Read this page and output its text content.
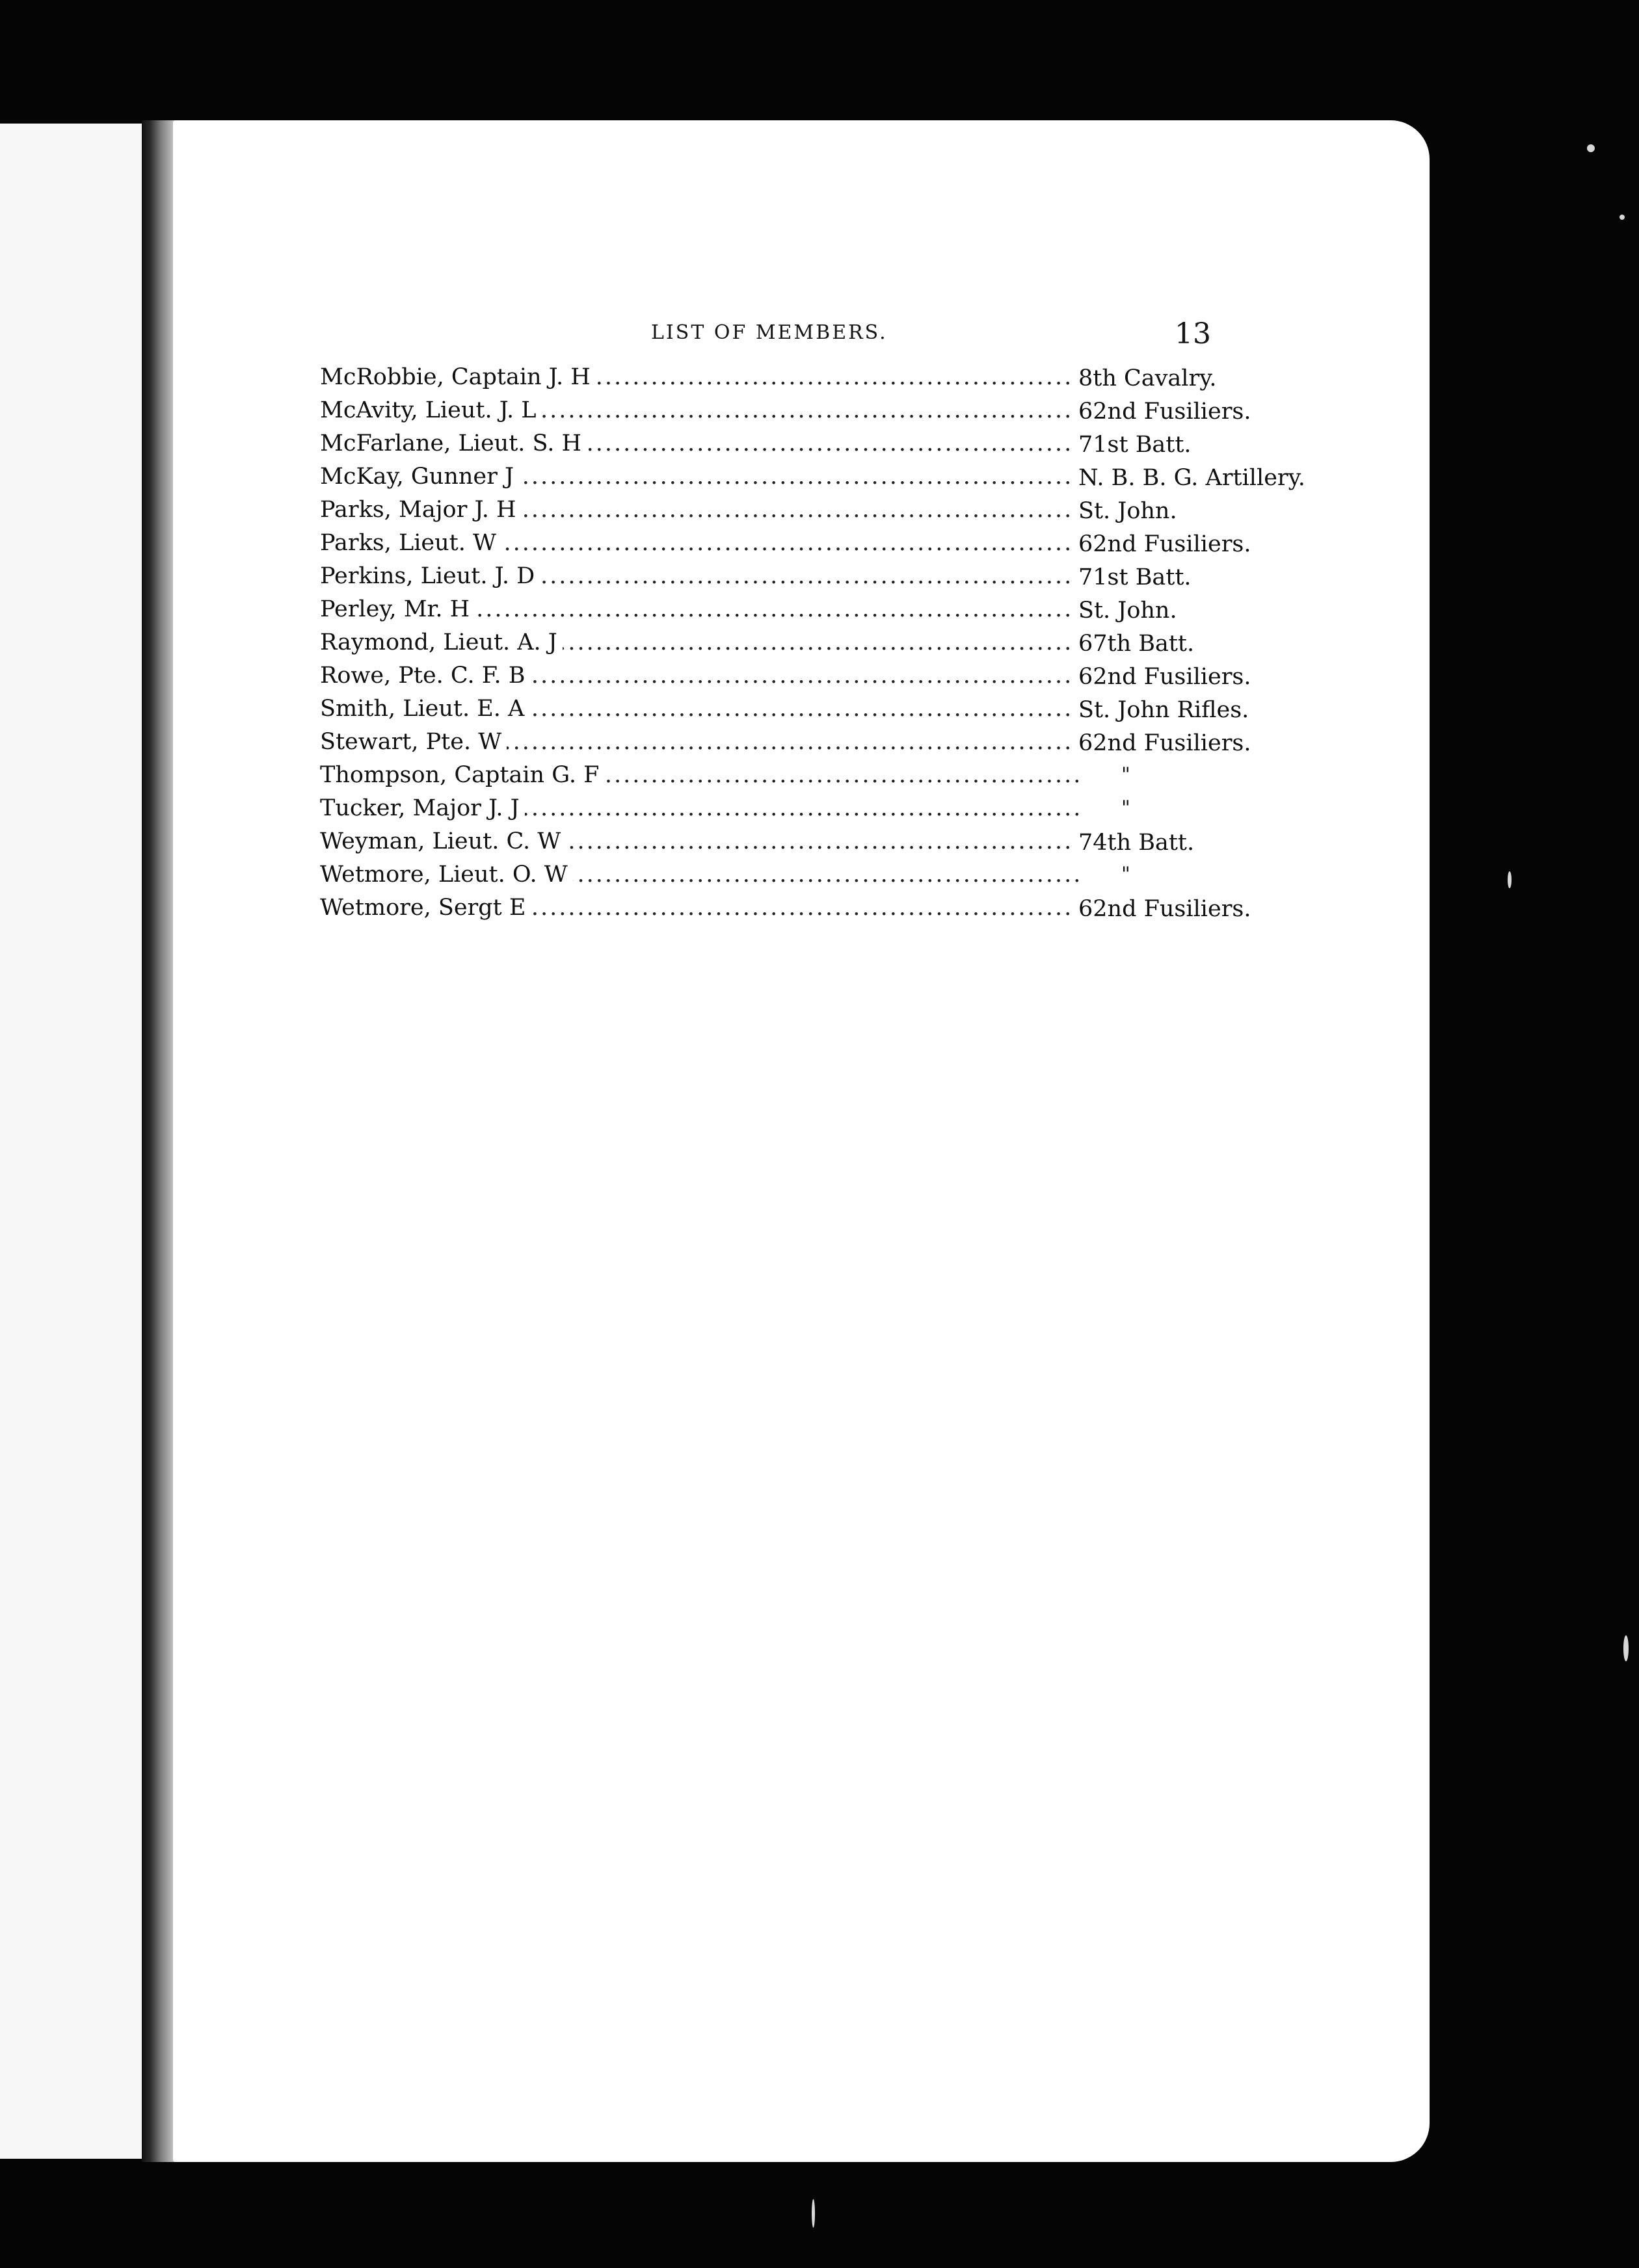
LIST OF MEMBERS.	13
.....
McRobbie, Captain J. H	8th Cavalry.
.....
McAvity, Lieut. J. L	62nd Fusiliers.
.....
McFarlane, Lieut. S. H	71st Batt.
.....
McKay, Gunner J	N. B. B. G. Artillery.
.....
Parks, Major J. H	St. John.
.....
Parks, Lieut. W	62nd Fusiliers.
.....
Perkins, Lieut. J. D	71st Batt.
.....
Perley, Mr. H	St. John.
.....
Raymond, Lieut. A. J	67th Batt.
.....
Rowe, Pte. C. F. B	62nd Fusiliers.
.....
Smith, Lieut. E. A	St. John Rifles.
.....
Stewart, Pte. W	62nd Fusiliers.
.....
Thompson, Captain G. F	"
.....
Tucker, Major J. J	"
.....
Weyman, Lieut. C. W	74th Batt.
.....
Wetmore, Lieut. O. W	"
.....
Wetmore, Sergt E	62nd Fusiliers.
